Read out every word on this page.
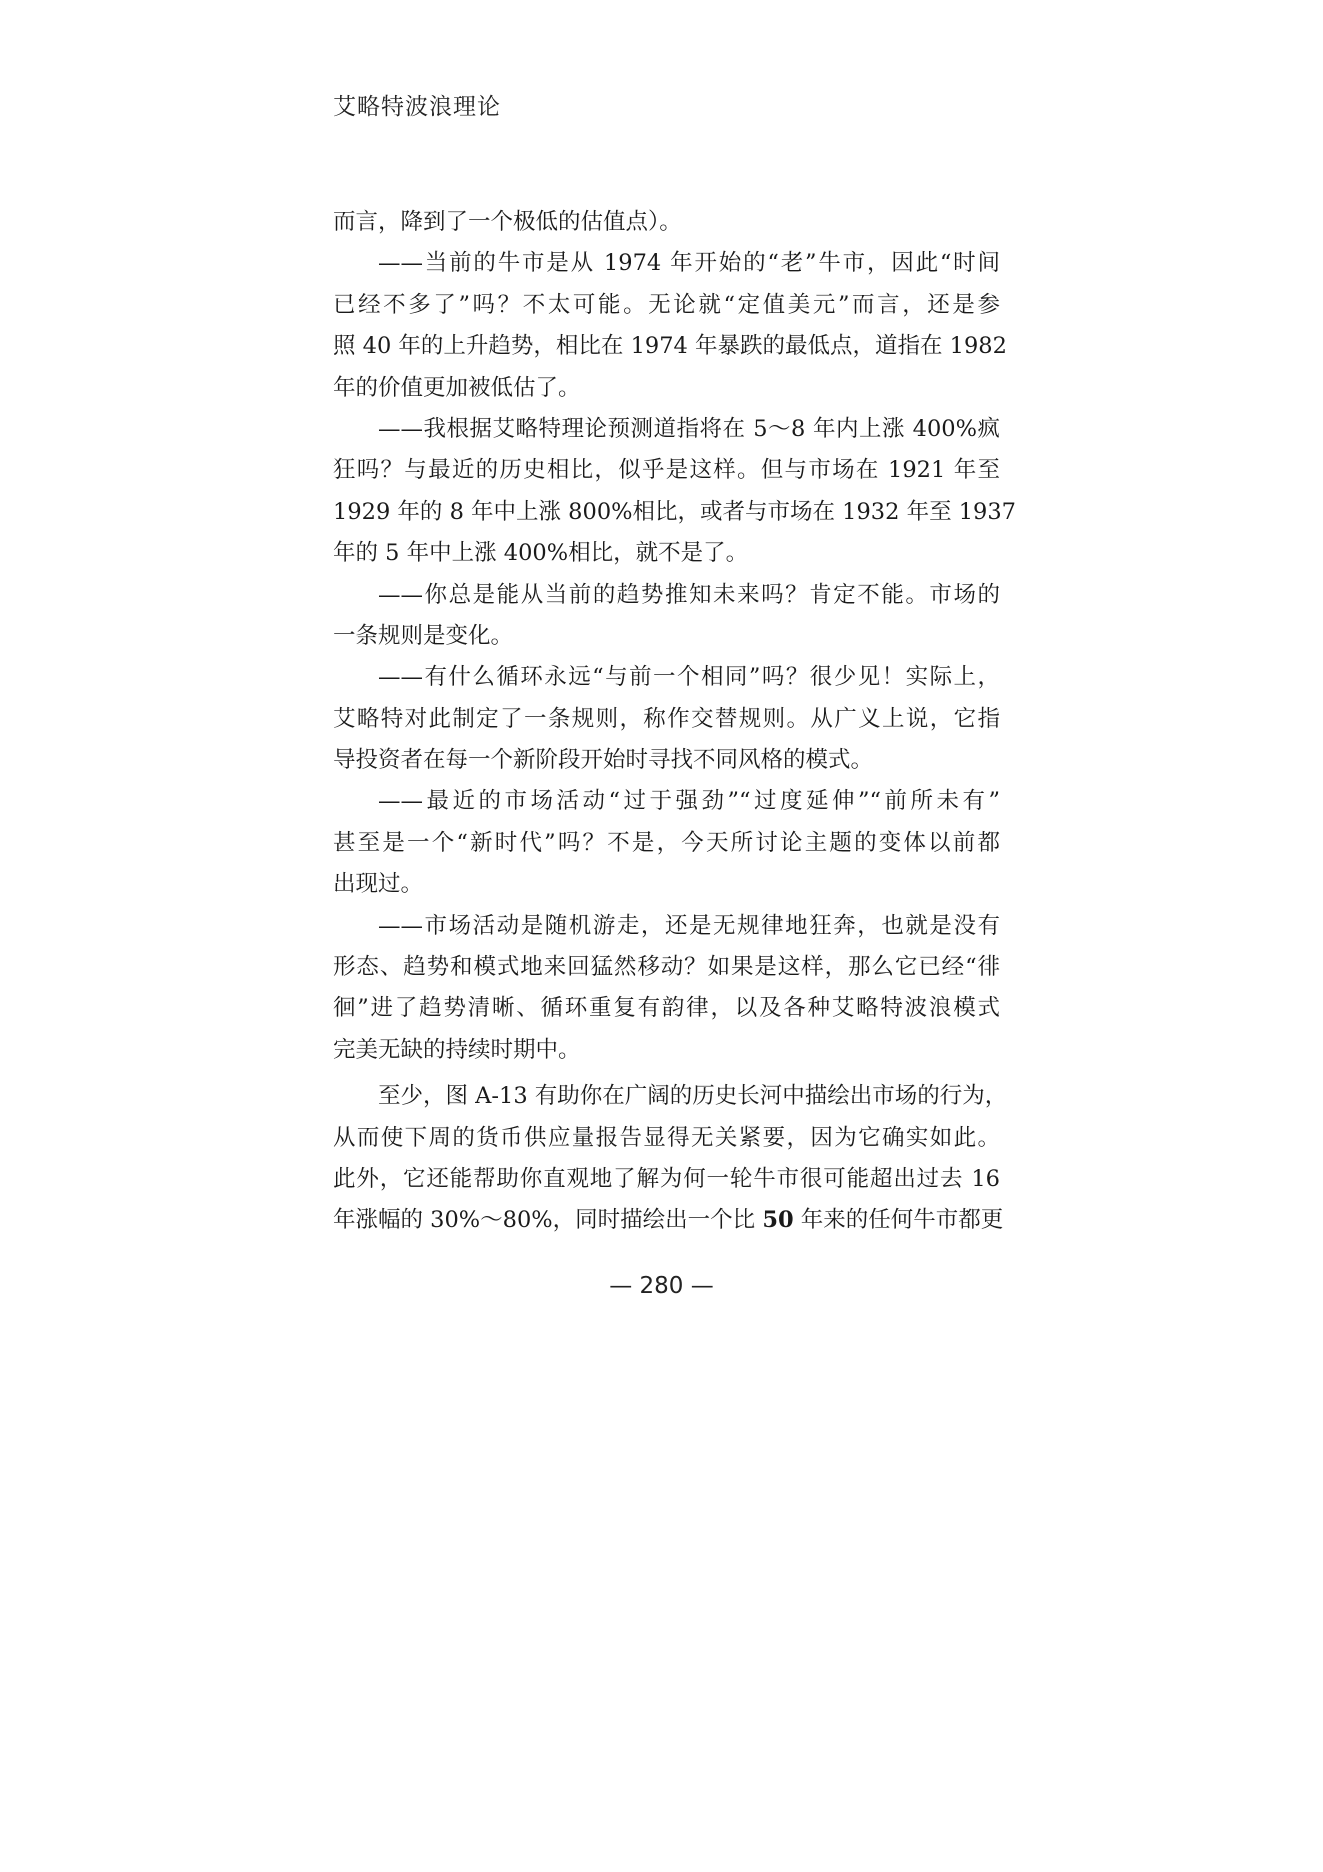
艾略特波浪理论
而言，降到了一个极低的估值点）。
——当前的牛市是从 1974 年开始的“老”牛市，因此“时间
已经不多了”吗？不太可能。无论就“定值美元”而言，还是参
照 40 年的上升趋势，相比在 1974 年暴跌的最低点，道指在 1982
年的价值更加被低估了。
——我根据艾略特理论预测道指将在 5～8 年内上涨 400%疯
狂吗？与最近的历史相比，似乎是这样。但与市场在 1921 年至
1929 年的 8 年中上涨 800%相比，或者与市场在 1932 年至 1937
年的 5 年中上涨 400%相比，就不是了。
——你总是能从当前的趋势推知未来吗？肯定不能。市场的
一条规则是变化。
——有什么循环永远“与前一个相同”吗？很少见！实际上，
艾略特对此制定了一条规则，称作交替规则。从广义上说，它指
导投资者在每一个新阶段开始时寻找不同风格的模式。
——最近的市场活动“过于强劲”“过度延伸”“前所未有”
甚至是一个“新时代”吗？不是，今天所讨论主题的变体以前都
出现过。
——市场活动是随机游走，还是无规律地狂奔，也就是没有
形态、趋势和模式地来回猛然移动？如果是这样，那么它已经“徘
徊”进了趋势清晰、循环重复有韵律，以及各种艾略特波浪模式
完美无缺的持续时期中。
至少，图 A-13 有助你在广阔的历史长河中描绘出市场的行为，
从而使下周的货币供应量报告显得无关紧要，因为它确实如此。
此外，它还能帮助你直观地了解为何一轮牛市很可能超出过去 16
年涨幅的 30%～80%，同时描绘出一个比 50 年来的任何牛市都更
— 280 —
